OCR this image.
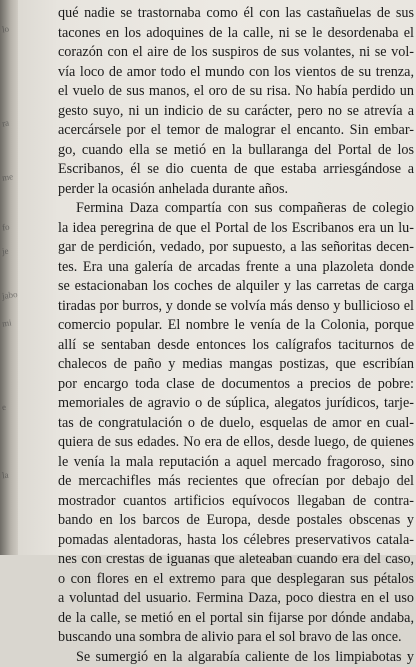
lo
ra
me
fo
je
jabo
mi
e
la
qué nadie se trastornaba como él con las castañuelas de sus
tacones en los adoquines de la calle, ni se le desordenaba el
corazón con el aire de los suspiros de sus volantes, ni se vol-
vía loco de amor todo el mundo con los vientos de su trenza,
el vuelo de sus manos, el oro de su risa. No había perdido un
gesto suyo, ni un indicio de su carácter, pero no se atrevía a
acercársele por el temor de malograr el encanto. Sin embar-
go, cuando ella se metió en la bullaranga del Portal de los
Escribanos, él se dio cuenta de que estaba arriesgándose a
perder la ocasión anhelada durante años.
Fermina Daza compartía con sus compañeras de colegio
la idea peregrina de que el Portal de los Escribanos era un lu-
gar de perdición, vedado, por supuesto, a las señoritas decen-
tes. Era una galería de arcadas frente a una plazoleta donde
se estacionaban los coches de alquiler y las carretas de carga
tiradas por burros, y donde se volvía más denso y bullicioso el
comercio popular. El nombre le venía de la Colonia, porque
allí se sentaban desde entonces los calígrafos taciturnos de
chalecos de paño y medias mangas postizas, que escribían
por encargo toda clase de documentos a precios de pobre:
memoriales de agravio o de súplica, alegatos jurídicos, tarje-
tas de congratulación o de duelo, esquelas de amor en cual-
quiera de sus edades. No era de ellos, desde luego, de quienes
le venía la mala reputación a aquel mercado fragoroso, sino
de mercachifles más recientes que ofrecían por debajo del
mostrador cuantos artificios equívocos llegaban de contra-
bando en los barcos de Europa, desde postales obscenas y
pomadas alentadoras, hasta los célebres preservativos catala-
nes con crestas de iguanas que aleteaban cuando era del caso,
o con flores en el extremo para que desplegaran sus pétalos
a voluntad del usuario. Fermina Daza, poco diestra en el uso
de la calle, se metió en el portal sin fijarse por dónde andaba,
buscando una sombra de alivio para el sol bravo de las once.
Se sumergió en la algarabía caliente de los limpiabotas y
